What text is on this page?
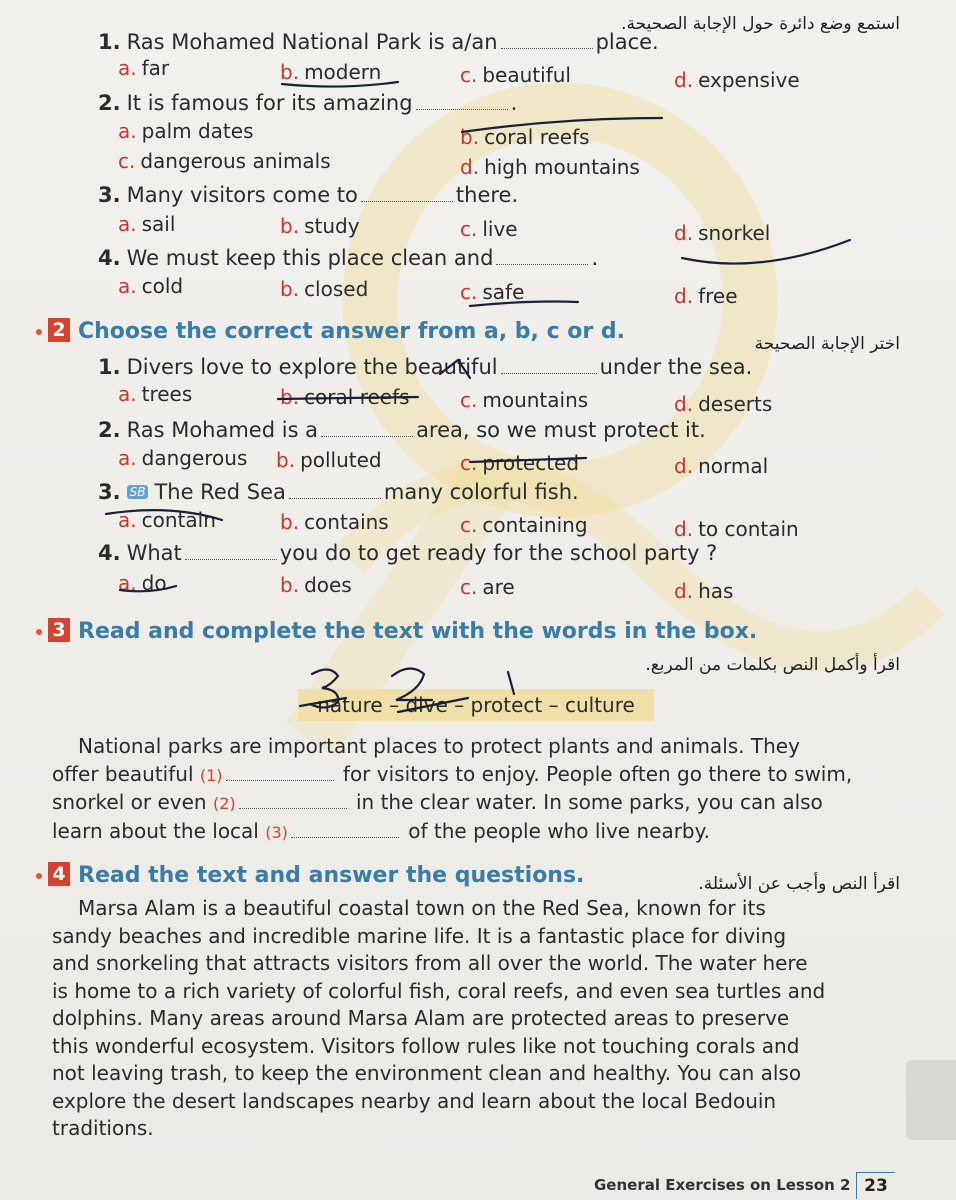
استمع وضع دائرة حول الإجابة الصحيحة.
1. Ras Mohamed National Park is a/an	place.
a. far	b. modern	c. beautiful	d. expensive
2. It is famous for its amazing	.
a. palm dates	b. coral reefs
c. dangerous animals	d. high mountains
3. Many visitors come to	there.
a. sail	b. study	c. live	d. snorkel
4. We must keep this place clean and	.
a. cold	b. closed	c. safe	d. free
2 Choose the correct answer from a, b, c or d.	اختر الإجابة الصحيحة
1. Divers love to explore the beautiful	under the sea.
a. trees	b. coral reefs	c. mountains	d. deserts
2. Ras Mohamed is a	area, so we must protect it.
a. dangerous b. polluted	c. protected	d. normal
3. SB The Red Sea	many colorful fish.
a. contain	b. contains	c. containing	d. to contain
4. What	you do to get ready for the school party ?
a. do	b. does	c. are	d. has
3 Read and complete the text with the words in the box.
اقرأ وأكمل النص بكلمات من المربع.
nature – dive – protect – culture
National parks are important places to protect plants and animals. They
offer beautiful (1)	for visitors to enjoy. People often go there to swim,
snorkel or even (2)	in the clear water. In some parks, you can also
learn about the local (3)	of the people who live nearby.
4 Read the text and answer the questions.	اقرأ النص وأجب عن الأسئلة.
Marsa Alam is a beautiful coastal town on the Red Sea, known for its
sandy beaches and incredible marine life. It is a fantastic place for diving
and snorkeling that attracts visitors from all over the world. The water here
is home to a rich variety of colorful fish, coral reefs, and even sea turtles and
dolphins. Many areas around Marsa Alam are protected areas to preserve
this wonderful ecosystem. Visitors follow rules like not touching corals and
not leaving trash, to keep the environment clean and healthy. You can also
explore the desert landscapes nearby and learn about the local Bedouin
traditions.
General Exercises on Lesson 2 23
